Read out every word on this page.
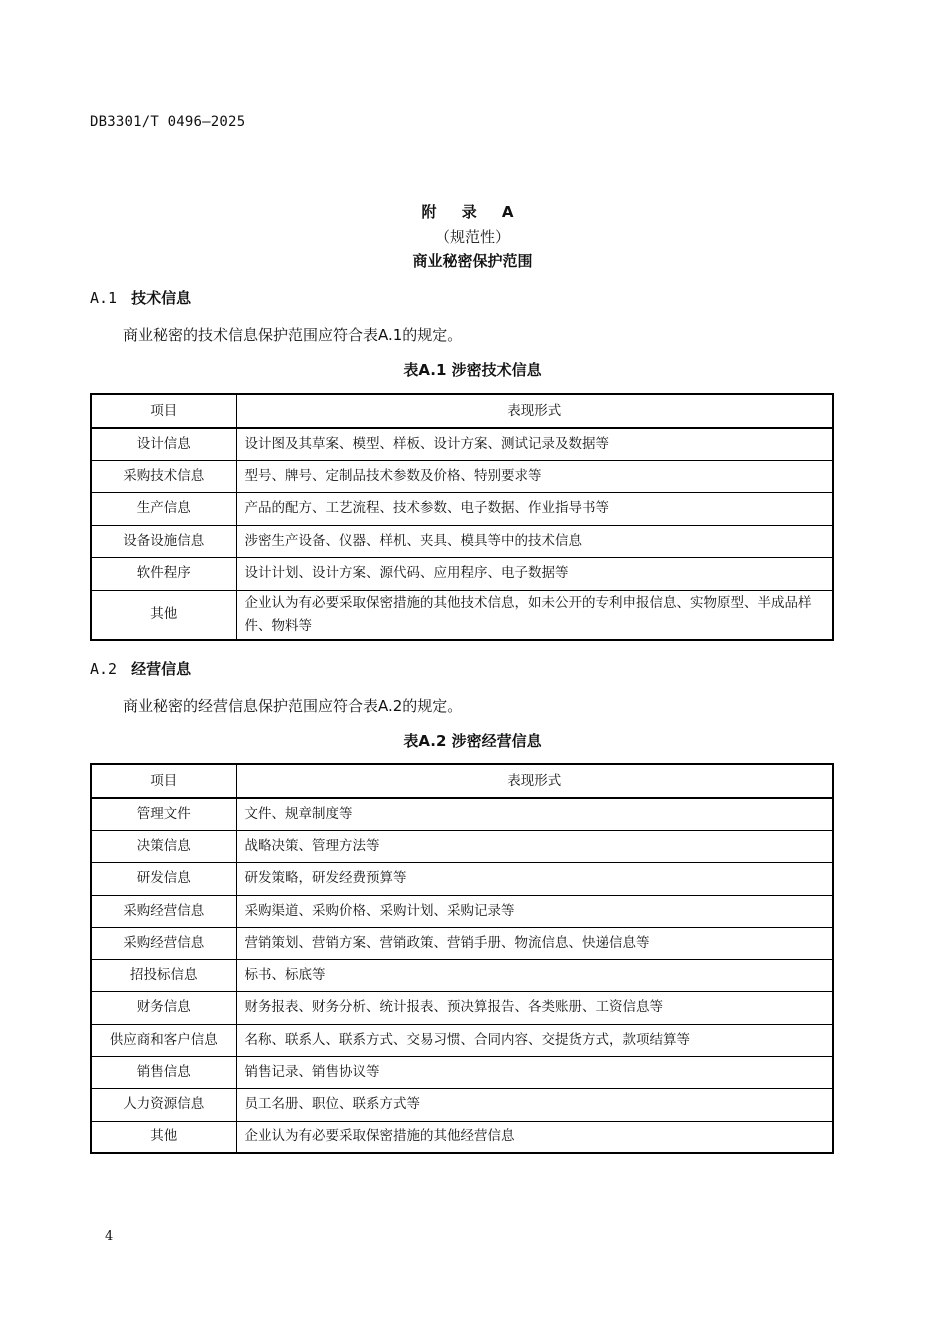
DB3301/T 0496—2025
附 录 A
（规范性）
商业秘密保护范围
A.1 技术信息
商业秘密的技术信息保护范围应符合表A.1的规定。
表A.1 涉密技术信息
项目	表现形式
设计信息	设计图及其草案、模型、样板、设计方案、测试记录及数据等
采购技术信息	型号、牌号、定制品技术参数及价格、特别要求等
生产信息	产品的配方、工艺流程、技术参数、电子数据、作业指导书等
设备设施信息	涉密生产设备、仪器、样机、夹具、模具等中的技术信息
软件程序	设计计划、设计方案、源代码、应用程序、电子数据等
其他	企业认为有必要采取保密措施的其他技术信息，如未公开的专利申报信息、实物原型、半成品样件、物料等
A.2 经营信息
商业秘密的经营信息保护范围应符合表A.2的规定。
表A.2 涉密经营信息
项目	表现形式
管理文件	文件、规章制度等
决策信息	战略决策、管理方法等
研发信息	研发策略，研发经费预算等
采购经营信息	采购渠道、采购价格、采购计划、采购记录等
采购经营信息	营销策划、营销方案、营销政策、营销手册、物流信息、快递信息等
招投标信息	标书、标底等
财务信息	财务报表、财务分析、统计报表、预决算报告、各类账册、工资信息等
供应商和客户信息	名称、联系人、联系方式、交易习惯、合同内容、交提货方式，款项结算等
销售信息	销售记录、销售协议等
人力资源信息	员工名册、职位、联系方式等
其他	企业认为有必要采取保密措施的其他经营信息
4
